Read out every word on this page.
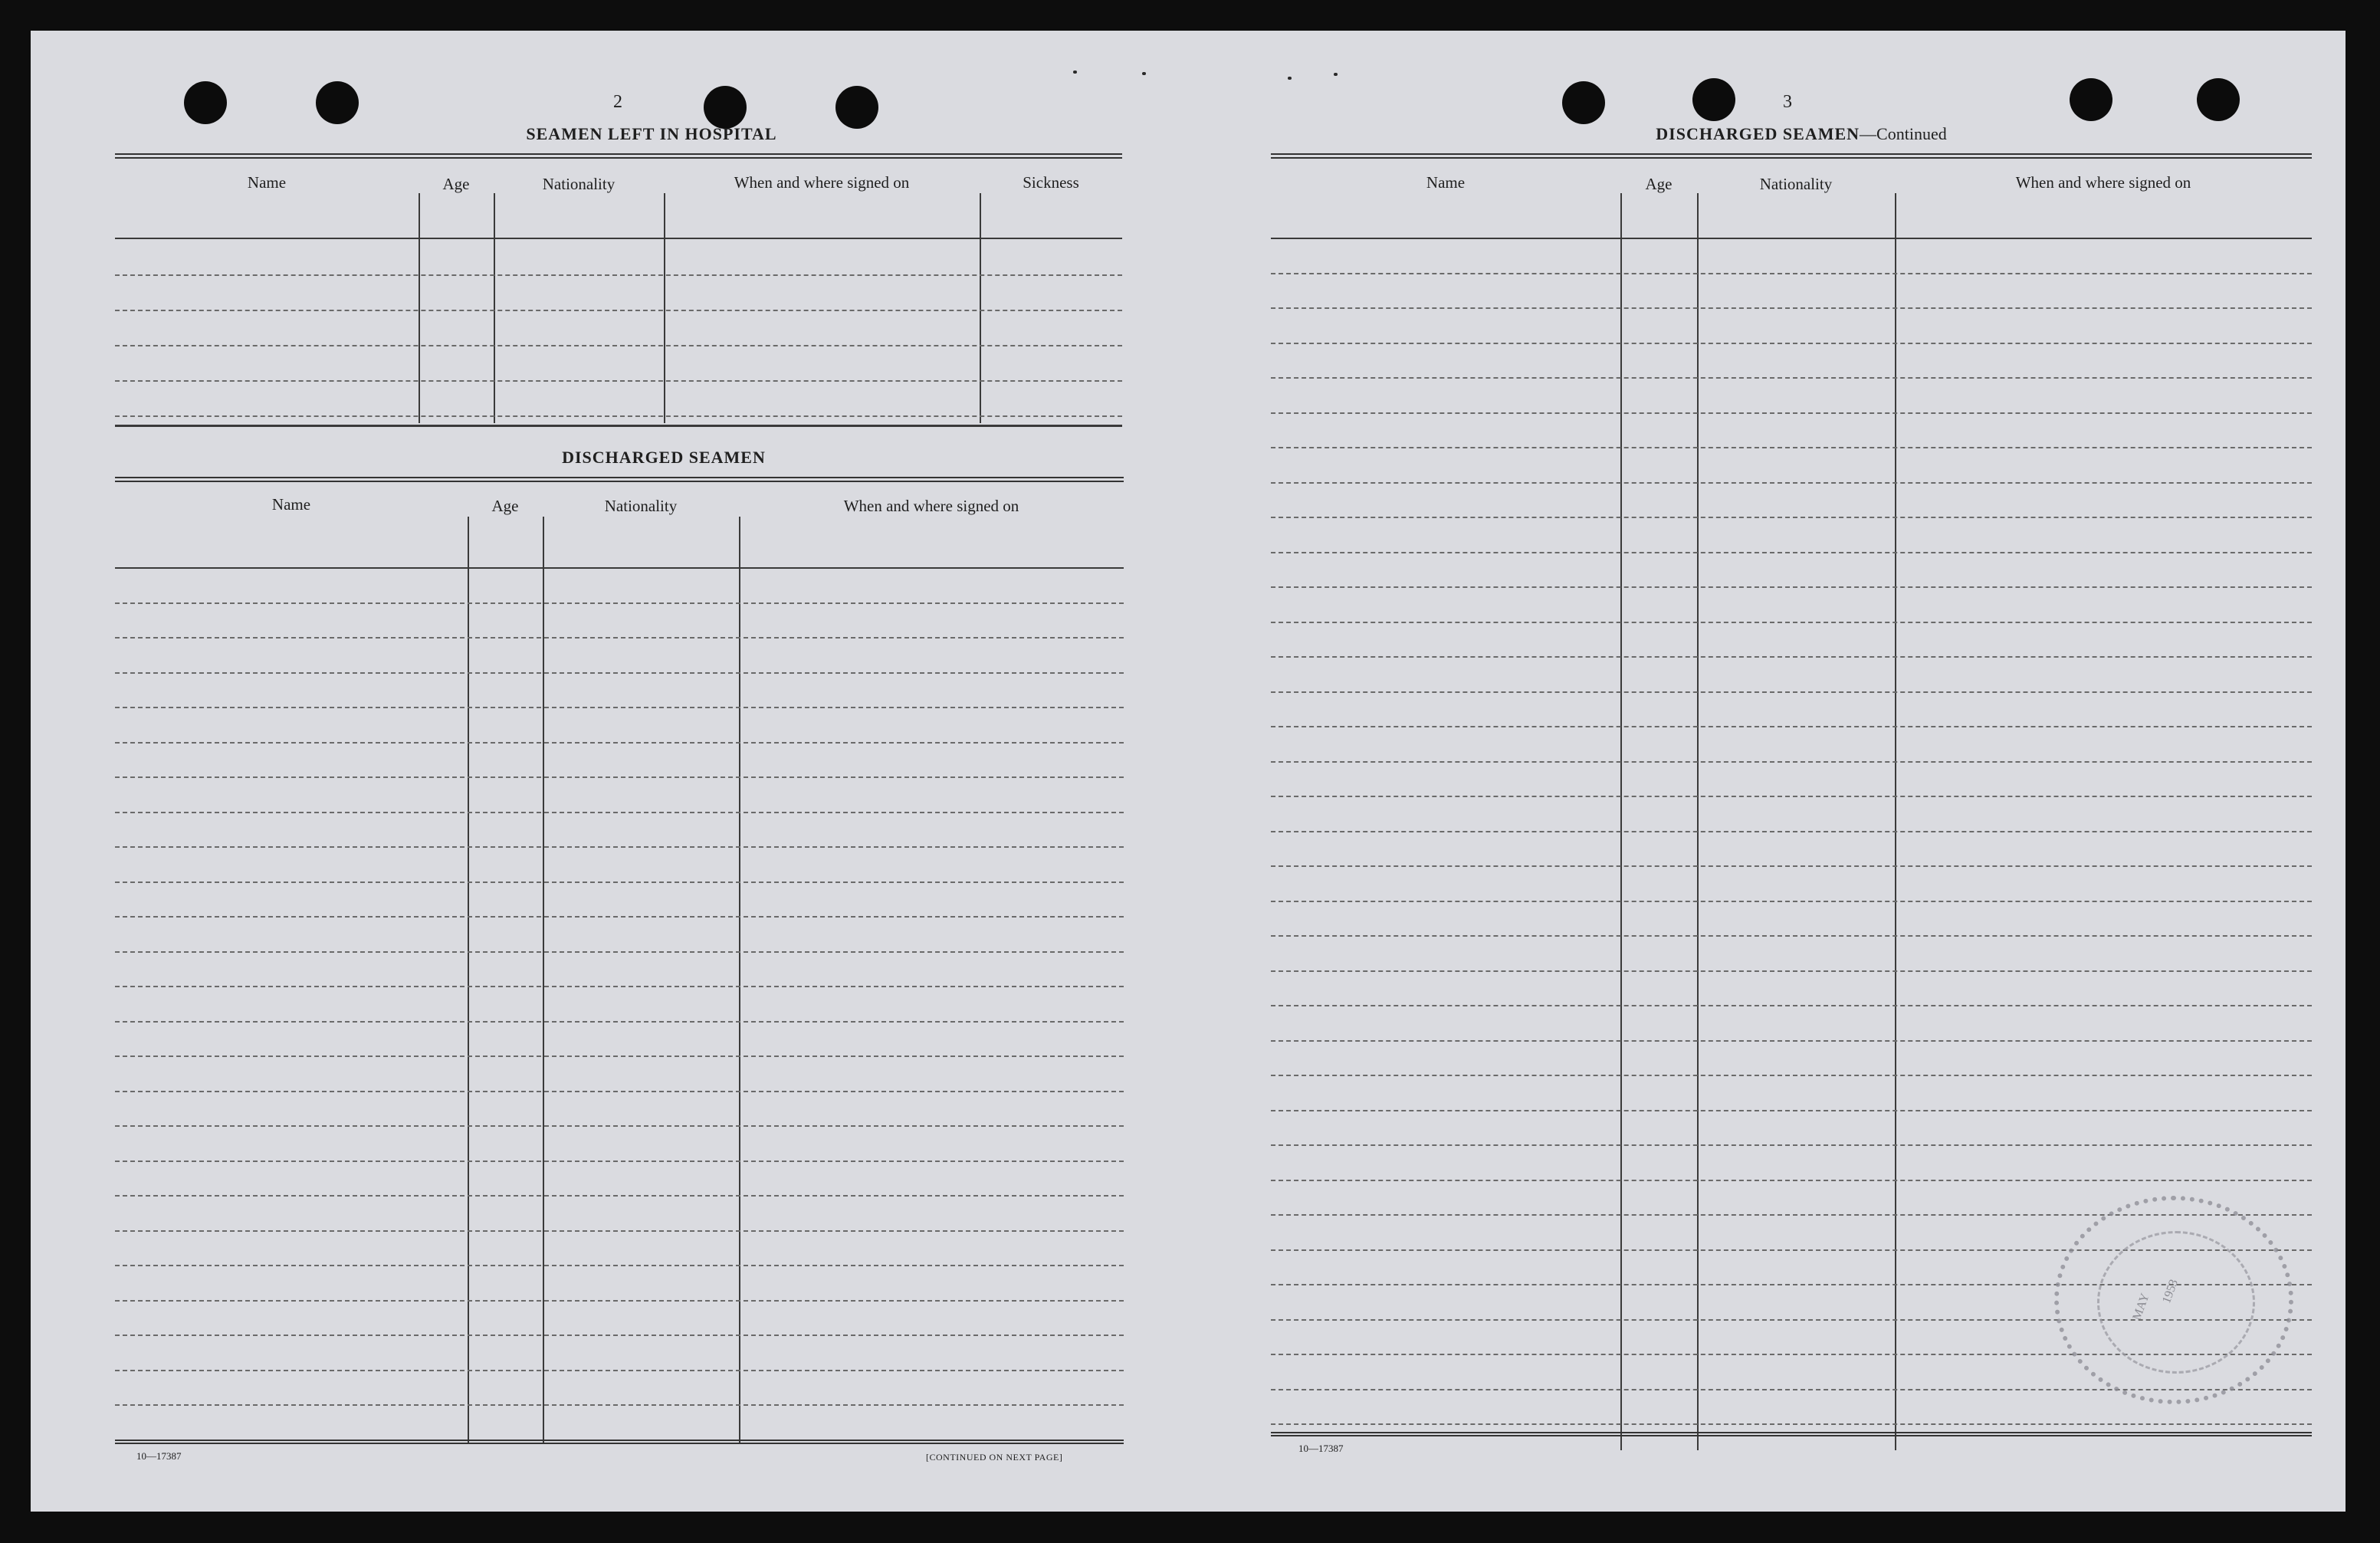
2
SEAMEN LEFT IN HOSPITAL
Name	Age	Nationality	When and where signed on	Sickness
DISCHARGED SEAMEN
Name	Age	Nationality	When and where signed on
10—17387	[CONTINUED ON NEXT PAGE]
3
DISCHARGED SEAMEN—Continued
Name	Age	Nationality	When and where signed on
10—17387
MAY
1953
